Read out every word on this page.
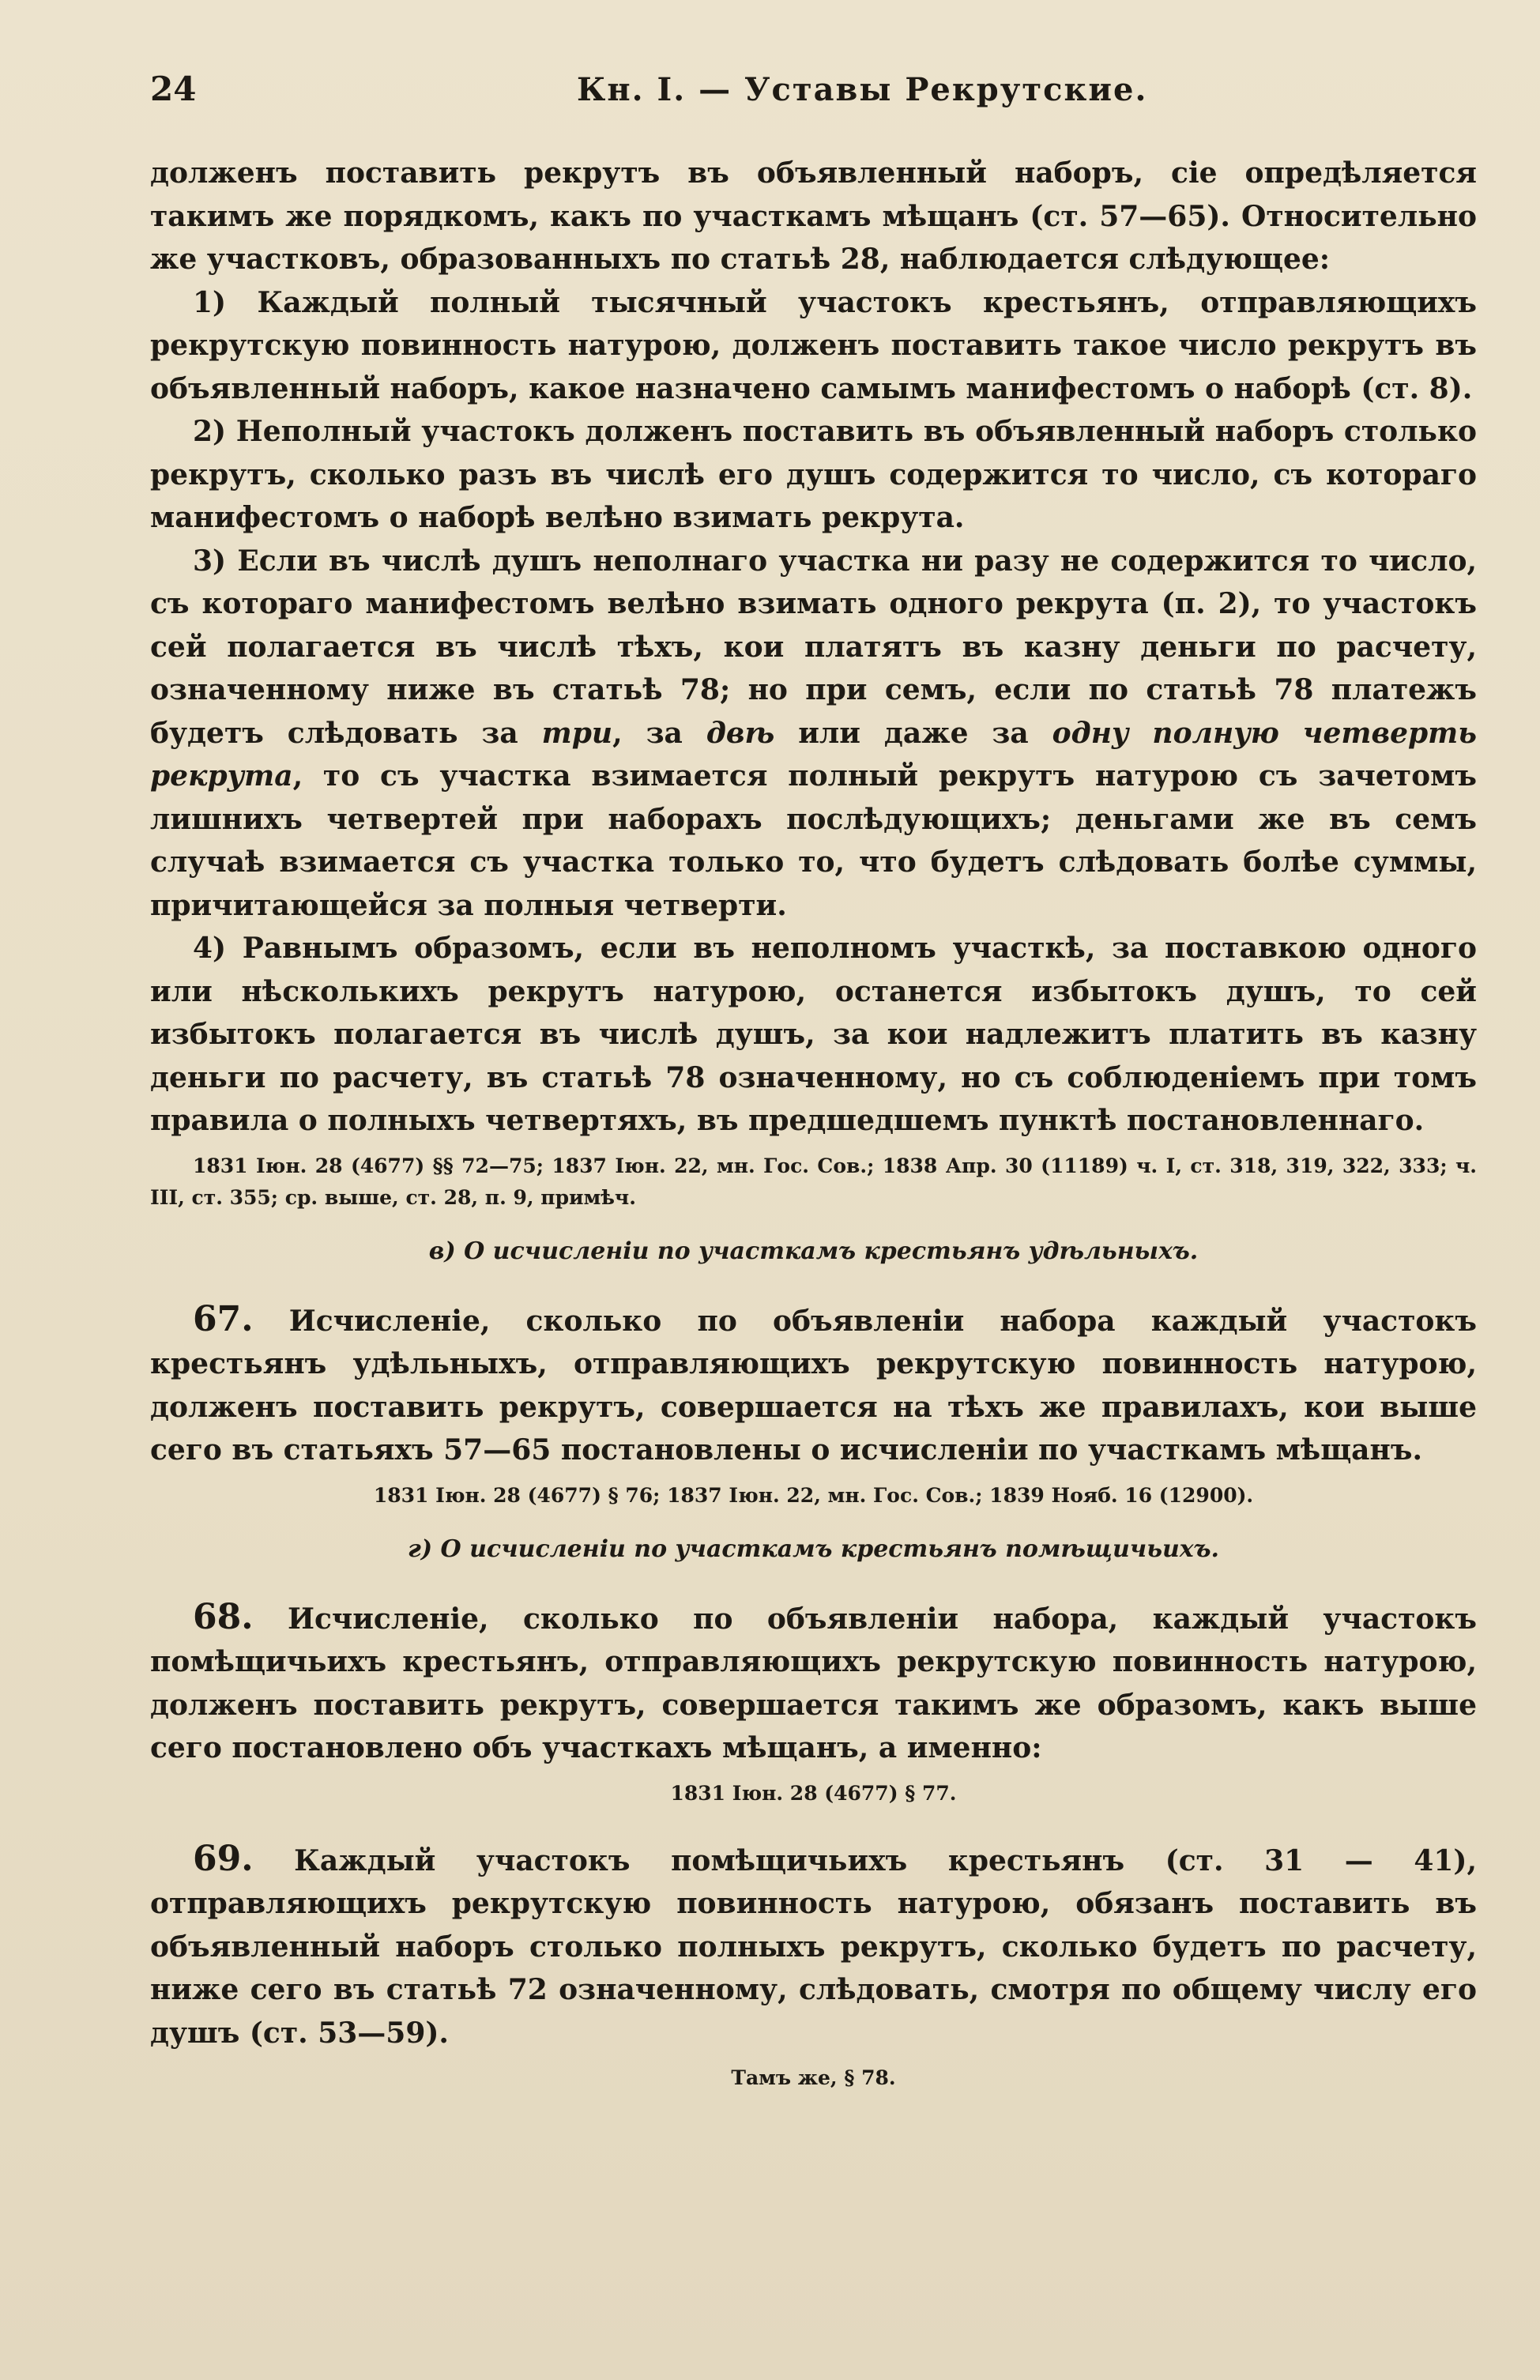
24	Кн. I. — Уставы Рекрутские.

долженъ поставить рекрутъ въ объявленный наборъ, сіе опредѣляется такимъ же порядкомъ, какъ по участкамъ мѣщанъ (ст. 57—65). Относительно же участковъ, образованныхъ по статьѣ 28, наблюдается слѣдующее:

1) Каждый полный тысячный участокъ крестьянъ, отправляющихъ рекрутскую повинность натурою, долженъ поставить такое число рекрутъ въ объявленный наборъ, какое назначено самымъ манифестомъ о наборѣ (ст. 8).

2) Неполный участокъ долженъ поставить въ объявленный наборъ столько рекрутъ, сколько разъ въ числѣ его душъ содержится то число, съ котораго манифестомъ о наборѣ велѣно взимать рекрута.

3) Если въ числѣ душъ неполнаго участка ни разу не содержится то число, съ котораго манифестомъ велѣно взимать одного рекрута (п. 2), то участокъ сей полагается въ числѣ тѣхъ, кои платятъ въ казну деньги по расчету, означенному ниже въ статьѣ 78; но при семъ, если по статьѣ 78 платежъ будетъ слѣдовать за три, за двѣ или даже за одну полную четверть рекрута, то съ участка взимается полный рекрутъ натурою съ зачетомъ лишнихъ четвертей при наборахъ послѣдующихъ; деньгами же въ семъ случаѣ взимается съ участка только то, что будетъ слѣдовать болѣе суммы, причитающейся за полныя четверти.

4) Равнымъ образомъ, если въ неполномъ участкѣ, за поставкою одного или нѣсколькихъ рекрутъ натурою, останется избытокъ душъ, то сей избытокъ полагается въ числѣ душъ, за кои надлежитъ платить въ казну деньги по расчету, въ статьѣ 78 означенному, но съ соблюденіемъ при томъ правила о полныхъ четвертяхъ, въ предшедшемъ пунктѣ постановленнаго.

1831 Іюн. 28 (4677) §§ 72—75; 1837 Іюн. 22, мн. Гос. Сов.; 1838 Апр. 30 (11189) ч. I, ст. 318, 319, 322, 333; ч. III, ст. 355; ср. выше, ст. 28, п. 9, примѣч.
в) О исчисленіи по участкамъ крестьянъ удѣльныхъ.

67. Исчисленіе, сколько по объявленіи набора каждый участокъ крестьянъ удѣльныхъ, отправляющихъ рекрутскую повинность натурою, долженъ поставить рекрутъ, совершается на тѣхъ же правилахъ, кои выше сего въ статьяхъ 57—65 постановлены о исчисленіи по участкамъ мѣщанъ.

1831 Іюн. 28 (4677) § 76; 1837 Іюн. 22, мн. Гос. Сов.; 1839 Нояб. 16 (12900).
г) О исчисленіи по участкамъ крестьянъ помѣщичьихъ.

68. Исчисленіе, сколько по объявленіи набора, каждый участокъ помѣщичьихъ крестьянъ, отправляющихъ рекрутскую повинность натурою, долженъ поставить рекрутъ, совершается такимъ же образомъ, какъ выше сего постановлено объ участкахъ мѣщанъ, а именно:

1831 Іюн. 28 (4677) § 77.

69. Каждый участокъ помѣщичьихъ крестьянъ (ст. 31 — 41), отправляющихъ рекрутскую повинность натурою, обязанъ поставить въ объявленный наборъ столько полныхъ рекрутъ, сколько будетъ по расчету, ниже сего въ статьѣ 72 означенному, слѣдовать, смотря по общему числу его душъ (ст. 53—59).

Тамъ же, § 78.
